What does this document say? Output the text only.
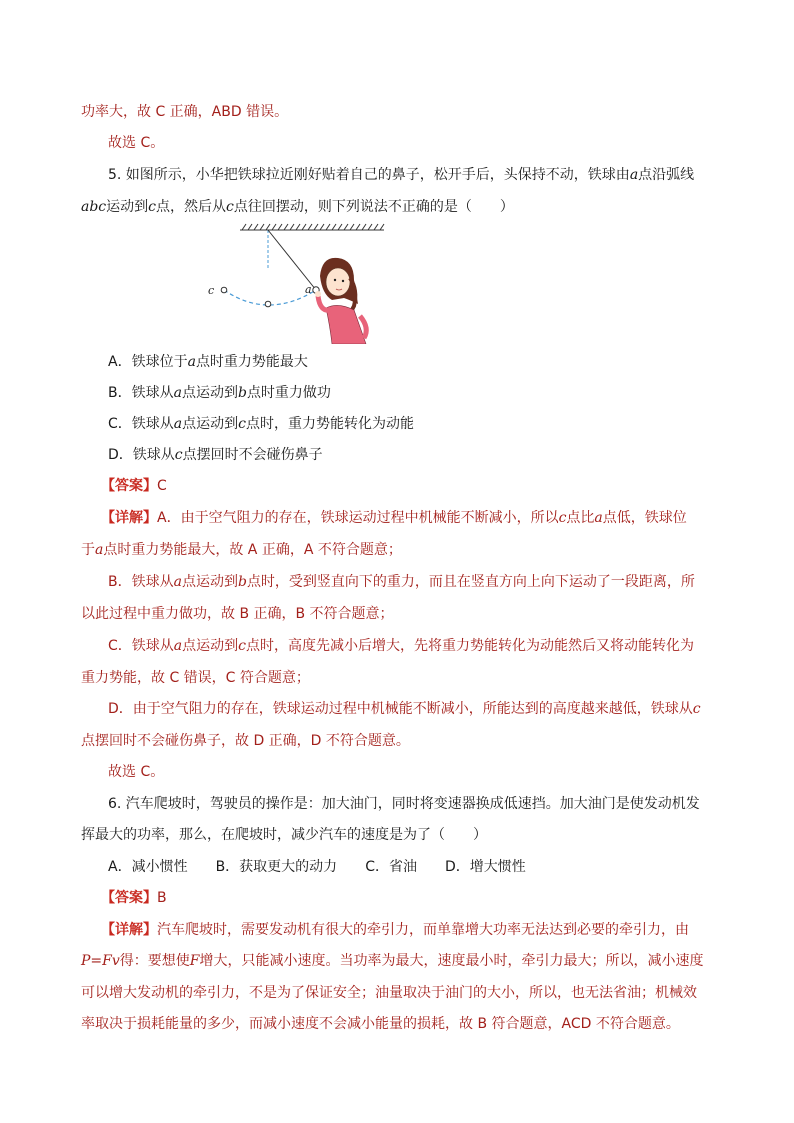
功率大，故 C 正确，ABD 错误。
故选 C。
5. 如图所示，小华把铁球拉近刚好贴着自己的鼻子，松开手后，头保持不动，铁球由a点沿弧线
abc运动到c点，然后从c点往回摆动，则下列说法不正确的是（　　）
c	a
A．铁球位于a点时重力势能最大
B．铁球从a点运动到b点时重力做功
C．铁球从a点运动到c点时，重力势能转化为动能
D．铁球从c点摆回时不会碰伤鼻子
【答案】C
【详解】A．由于空气阻力的存在，铁球运动过程中机械能不断减小，所以c点比a点低，铁球位
于a点时重力势能最大，故 A 正确，A 不符合题意；
B．铁球从a点运动到b点时，受到竖直向下的重力，而且在竖直方向上向下运动了一段距离，所
以此过程中重力做功，故 B 正确，B 不符合题意；
C．铁球从a点运动到c点时，高度先减小后增大，先将重力势能转化为动能然后又将动能转化为
重力势能，故 C 错误，C 符合题意；
D．由于空气阻力的存在，铁球运动过程中机械能不断减小，所能达到的高度越来越低，铁球从c
点摆回时不会碰伤鼻子，故 D 正确，D 不符合题意。
故选 C。
6. 汽车爬坡时，驾驶员的操作是：加大油门，同时将变速器换成低速挡。加大油门是使发动机发
挥最大的功率，那么，在爬坡时，减少汽车的速度是为了（　　）
A．减小惯性 B．获取更大的动力 C．省油 D．增大惯性
【答案】B
【详解】汽车爬坡时，需要发动机有很大的牵引力，而单靠增大功率无法达到必要的牵引力，由
P=Fv得：要想使F增大，只能减小速度。当功率为最大，速度最小时，牵引力最大；所以，减小速度
可以增大发动机的牵引力，不是为了保证安全；油量取决于油门的大小，所以，也无法省油；机械效
率取决于损耗能量的多少，而减小速度不会减小能量的损耗，故 B 符合题意，ACD 不符合题意。
